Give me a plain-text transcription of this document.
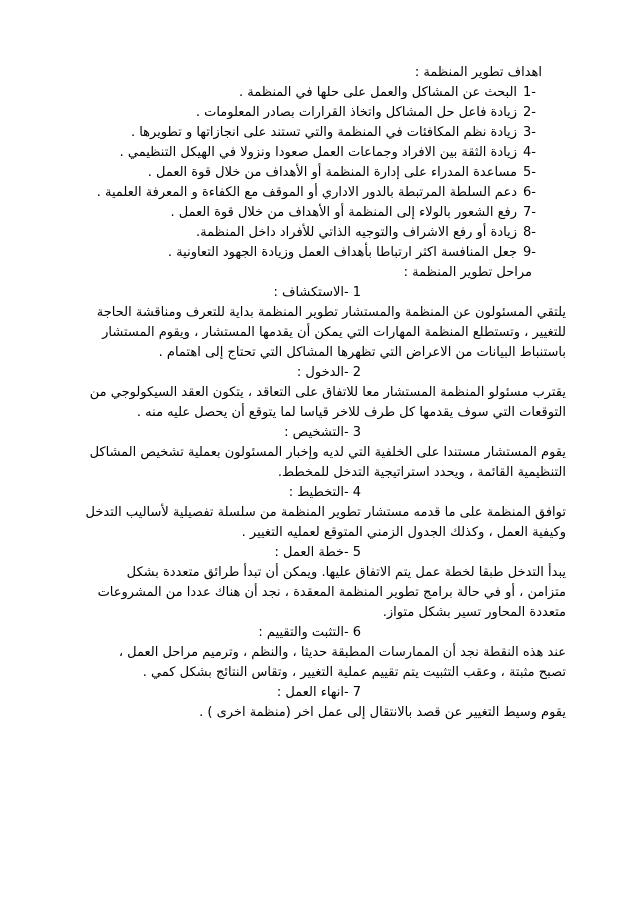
اهداف تطوير المنظمة :

-1
البحث عن المشاكل والعمل على حلها في المنظمة .

-2
زيادة فاعل حل المشاكل واتخاذ القرارات بصادر المعلومات .

-3
زيادة نظم المكافئات في المنظمة والتي تستند على انجازاتها و تطويرها .

-4
زيادة الثقة بين الافراد وجماعات العمل صعودا ونزولا في الهيكل التنظيمي .

-5
مساعدة المدراء على إدارة المنظمة أو الأهداف من خلال قوة العمل .

-6
دعم السلطة المرتبطة بالدور الاداري أو الموقف مع الكفاءة و المعرفة العلمية .

-7
رفع الشعور بالولاء إلى المنظمة أو الأهداف من خلال قوة العمل .

-8
زيادة أو رفع الاشراف والتوجيه الذاتي للأفراد داخل المنظمة.

-9
جعل المنافسة اكثر ارتباطا بأهداف العمل وزيادة الجهود التعاونية .

مراحل تطوير المنظمة :

1
-الاستكشاف :

يلتقي المسئولون عن المنظمة والمستشار تطوير المنظمة بداية للتعرف ومناقشة الحاجة

للتغيير ، وتستطلع المنظمة المهارات التي يمكن أن يقدمها المستشار ، ويقوم المستشار

باستنباط البيانات من الاعراض التي تظهرها المشاكل التي تحتاج إلى اهتمام .

2
-الدخول :

يقترب مسئولو المنظمة المستشار معا للاتفاق على التعاقد ، يتكون العقد السيكولوجي من

التوقعات التي سوف يقدمها كل طرف للاخر قياسا لما يتوقع أن يحصل عليه منه .

3
-التشخيص :

يقوم المستشار مستندا على الخلفية التي لديه وإخبار المسئولون بعملية تشخيص المشاكل

التنظيمية القائمة ، ويحدد استراتيجية التدخل للمخطط.

4
-التخطيط :

توافق المنظمة على ما قدمه مستشار تطوير المنظمة من سلسلة تفصيلية لأساليب التدخل

وكيفية العمل ، وكذلك الجدول الزمني المتوقع لعمليه التغيير .

5
-خطة العمل :

يبدأ التدخل طبقا لخطة عمل يتم الاتفاق عليها. ويمكن أن تبدأ طرائق متعددة بشكل

متزامن ، أو في حالة برامج تطوير المنظمة المعقدة ، نجد أن هناك عددا من المشروعات

متعددة المحاور تسير بشكل متواز.

6
-التثبت والتقييم :

عند هذه النقطة نجد أن الممارسات المطبقة حديثا ، والنظم ، وترميم مراحل العمل ،

تصبح مثبتة ، وعقب التثبيت يتم تقييم عملية التغيير ، وتقاس النتائج بشكل كمي .

7
-انهاء العمل :

يقوم وسيط التغيير عن قصد بالانتقال إلى عمل اخر (منظمة اخرى ) .
